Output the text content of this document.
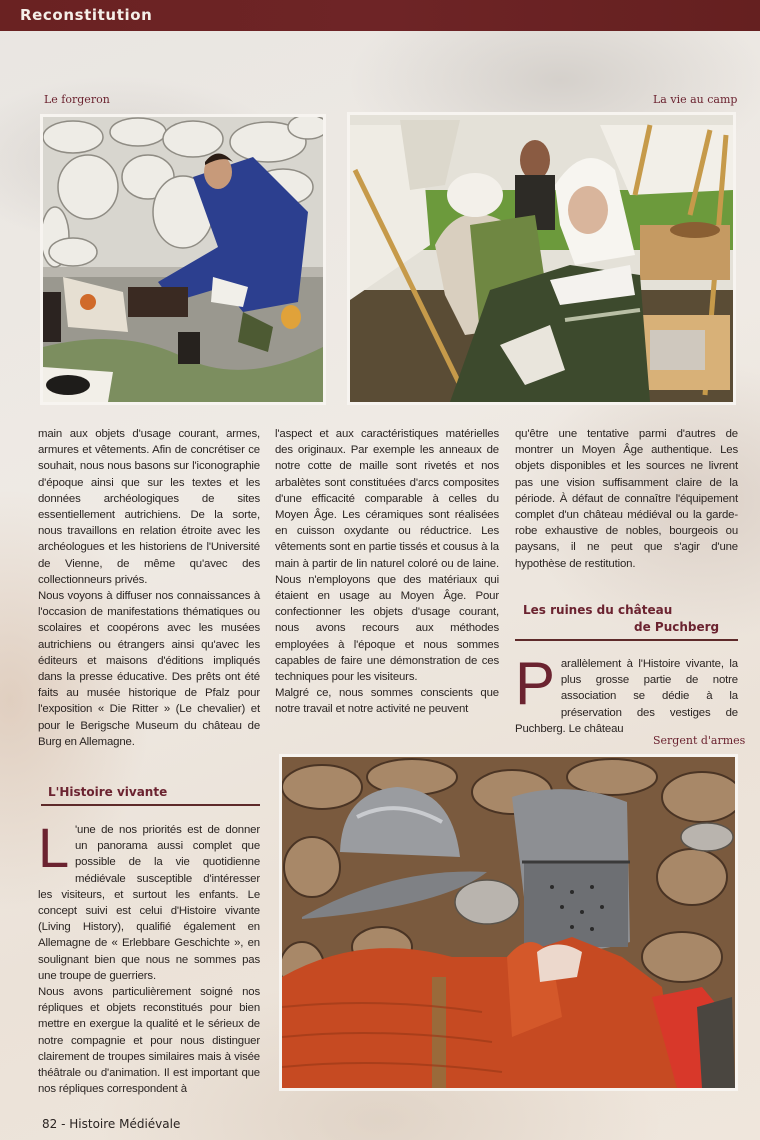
Reconstitution
Le forgeron	La vie au camp
Sergent d'armes

main aux objets d'usage courant, armes, armures et vêtements. Afin de concrétiser ce souhait, nous nous basons sur l'iconographie d'époque ainsi que sur les textes et les données archéologiques de sites essentiellement autrichiens. De la sorte, nous travaillons en relation étroite avec les archéologues et les historiens de l'Université de Vienne, de même qu'avec des collectionneurs privés.

Nous voyons à diffuser nos connaissances à l'occasion de manifestations thématiques ou scolaires et coopérons avec les musées autrichiens ou étrangers ainsi qu'avec les éditeurs et maisons d'éditions impliqués dans la presse éducative. Des prêts ont été faits au musée historique de Pfalz pour l'exposition « Die Ritter » (Le chevalier) et pour le Berigsche Museum du château de Burg en Allemagne.

L'Histoire vivante

L 'une de nos priorités est de donner un panorama aussi complet que possible de la vie quotidienne médiévale susceptible d'intéresser les visiteurs, et surtout les enfants. Le concept suivi est celui d'Histoire vivante (Living History), qualifié également en Allemagne de « Erlebbare Geschichte », en soulignant bien que nous ne sommes pas une troupe de guerriers.

Nous avons particulièrement soigné nos répliques et objets reconstitués pour bien mettre en exergue la qualité et le sérieux de notre compagnie et pour nous distinguer clairement de troupes similaires mais à visée théâtrale ou d'animation. Il est important que nos répliques correspondent à

l'aspect et aux caractéristiques matérielles des originaux. Par exemple les anneaux de notre cotte de maille sont rivetés et nos arbalètes sont constituées d'arcs composites d'une efficacité comparable à celles du Moyen Âge. Les céramiques sont réalisées en cuisson oxydante ou réductrice. Les vêtements sont en partie tissés et cousus à la main à partir de lin naturel coloré ou de laine. Nous n'employons que des matériaux qui étaient en usage au Moyen Âge. Pour confectionner les objets d'usage courant, nous avons recours aux méthodes employées à l'époque et nous sommes capables de faire une démonstration de ces techniques pour les visiteurs.

Malgré ce, nous sommes conscients que notre travail et notre activité ne peuvent

qu'être une tentative parmi d'autres de montrer un Moyen Âge authentique. Les objets disponibles et les sources ne livrent pas une vision suffisamment claire de la période. À défaut de connaître l'équipement complet d'un château médiéval ou la garde-robe exhaustive de nobles, bourgeois ou paysans, il ne peut que s'agir d'une hypothèse de restitution.

Les ruines du château
de Puchberg

Parallèlement à l'Histoire vivante, la plus grosse partie de notre association se dédie à la préservation des vestiges de Puchberg. Le château

82 - Histoire Médiévale
